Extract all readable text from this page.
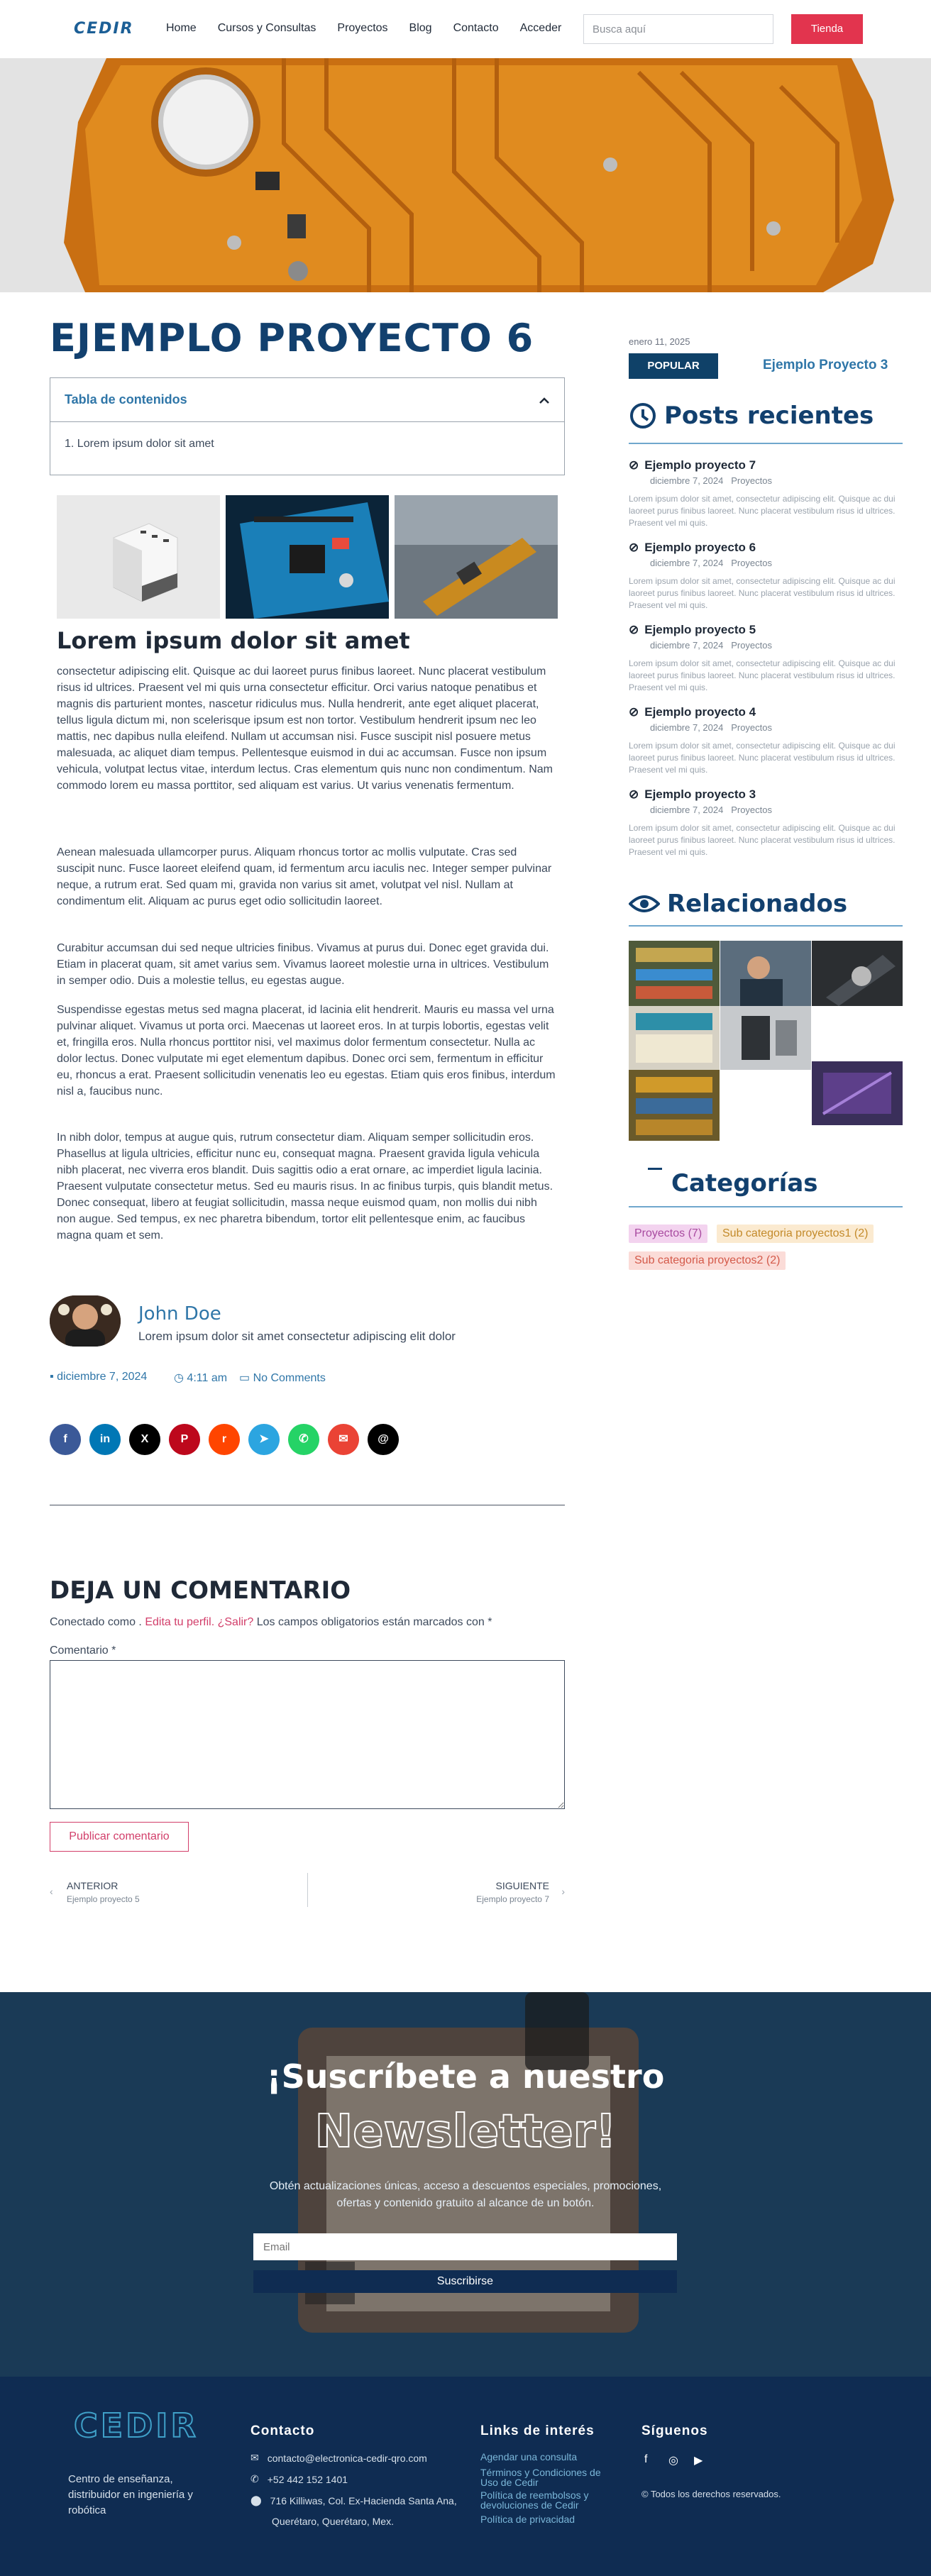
CEDIR	Home Cursos y Consultas Proyectos Blog Contacto Acceder
Busca aquí	Tienda
EJEMPLO PROYECTO 6
Tabla de contenidos
1. Lorem ipsum dolor sit amet
Lorem ipsum dolor sit amet

consectetur adipiscing elit. Quisque ac dui laoreet purus finibus laoreet. Nunc placerat vestibulum risus id ultrices. Praesent vel mi quis urna consectetur efficitur. Orci varius natoque penatibus et magnis dis parturient montes, nascetur ridiculus mus. Nulla hendrerit, ante eget aliquet placerat, tellus ligula dictum mi, non scelerisque ipsum est non tortor. Vestibulum hendrerit ipsum nec leo mattis, nec dapibus nulla eleifend. Nullam ut accumsan nisi. Fusce suscipit nisl posuere metus malesuada, ac aliquet diam tempus. Pellentesque euismod in dui ac accumsan. Fusce non ipsum vehicula, volutpat lectus vitae, interdum lectus. Cras elementum quis nunc non condimentum. Nam commodo lorem eu massa porttitor, sed aliquam est varius. Ut varius venenatis fermentum.

Aenean malesuada ullamcorper purus. Aliquam rhoncus tortor ac mollis vulputate. Cras sed suscipit nunc. Fusce laoreet eleifend quam, id fermentum arcu iaculis nec. Integer semper pulvinar neque, a rutrum erat. Sed quam mi, gravida non varius sit amet, volutpat vel nisl. Nullam at condimentum elit. Aliquam ac purus eget odio sollicitudin laoreet.

Curabitur accumsan dui sed neque ultricies finibus. Vivamus at purus dui. Donec eget gravida dui. Etiam in placerat quam, sit amet varius sem. Vivamus laoreet molestie urna in ultrices. Vestibulum in semper odio. Duis a molestie tellus, eu egestas augue.

Suspendisse egestas metus sed magna placerat, id lacinia elit hendrerit. Mauris eu massa vel urna pulvinar aliquet. Vivamus ut porta orci. Maecenas ut laoreet eros. In at turpis lobortis, egestas velit et, fringilla eros. Nulla rhoncus porttitor nisi, vel maximus dolor fermentum consectetur. Nulla ac dolor lectus. Donec vulputate mi eget elementum dapibus. Donec orci sem, fermentum in efficitur eu, rhoncus a erat. Praesent sollicitudin venenatis leo eu egestas. Etiam quis eros finibus, interdum nisl a, faucibus nunc.

In nibh dolor, tempus at augue quis, rutrum consectetur diam. Aliquam semper sollicitudin eros. Phasellus at ligula ultricies, efficitur nunc eu, consequat magna. Praesent gravida ligula vehicula nibh placerat, nec viverra eros blandit. Duis sagittis odio a erat ornare, ac imperdiet ligula lacinia. Praesent vulputate consectetur metus. Sed eu mauris risus. In ac finibus turpis, quis blandit metus. Donec consequat, libero at feugiat sollicitudin, massa neque euismod quam, non mollis dui nibh non augue. Sed tempus, ex nec pharetra bibendum, tortor elit pellentesque enim, ac faucibus magna quam et sem.

John Doe
Lorem ipsum dolor sit amet consectetur adipiscing elit dolor
▪ diciembre 7, 2024 ◷ 4:11 am ▭ No Comments
f	in	X	P	r	➤	✆	✉	@
DEJA UN COMENTARIO
Conectado como . Edita tu perfil. ¿Salir? Los campos obligatorios están marcados con *
Comentario *
Publicar comentario
‹	ANTERIOR
Ejemplo proyecto 5
SIGUIENTE
Ejemplo proyecto 7
›
enero 11, 2025
POPULAR	Ejemplo Proyecto 3
Posts recientes
⊘ Ejemplo proyecto 7
diciembre 7, 2024 Proyectos
Lorem ipsum dolor sit amet, consectetur adipiscing elit. Quisque ac dui laoreet purus finibus laoreet. Nunc placerat vestibulum risus id ultrices. Praesent vel mi quis.
⊘ Ejemplo proyecto 6
diciembre 7, 2024 Proyectos
Lorem ipsum dolor sit amet, consectetur adipiscing elit. Quisque ac dui laoreet purus finibus laoreet. Nunc placerat vestibulum risus id ultrices. Praesent vel mi quis.
⊘ Ejemplo proyecto 5
diciembre 7, 2024 Proyectos
Lorem ipsum dolor sit amet, consectetur adipiscing elit. Quisque ac dui laoreet purus finibus laoreet. Nunc placerat vestibulum risus id ultrices. Praesent vel mi quis.
⊘ Ejemplo proyecto 4
diciembre 7, 2024 Proyectos
Lorem ipsum dolor sit amet, consectetur adipiscing elit. Quisque ac dui laoreet purus finibus laoreet. Nunc placerat vestibulum risus id ultrices. Praesent vel mi quis.
⊘ Ejemplo proyecto 3
diciembre 7, 2024 Proyectos
Lorem ipsum dolor sit amet, consectetur adipiscing elit. Quisque ac dui laoreet purus finibus laoreet. Nunc placerat vestibulum risus id ultrices. Praesent vel mi quis.
Relacionados
Categorías
Proyectos (7)	Sub categoria proyectos1 (2)
Sub categoria proyectos2 (2)
¡Suscríbete a nuestro
Newsletter!
Obtén actualizaciones únicas, acceso a descuentos especiales, promociones, ofertas y contenido gratuito al alcance de un botón.
Email
Suscribirse
CEDIR
Centro de enseñanza, distribuidor en ingeniería y robótica
Contacto
✉ contacto@electronica-cedir-qro.com
✆ +52 442 152 1401
⬤ 716 Killiwas, Col. Ex-Hacienda Santa Ana,
Querétaro, Querétaro, Mex.
Links de interés
Agendar una consulta
Términos y Condiciones de Uso de Cedir
Política de reembolsos y devoluciones de Cedir
Política de privacidad
Síguenos
f ◎ ▶
© Todos los derechos reservados.
